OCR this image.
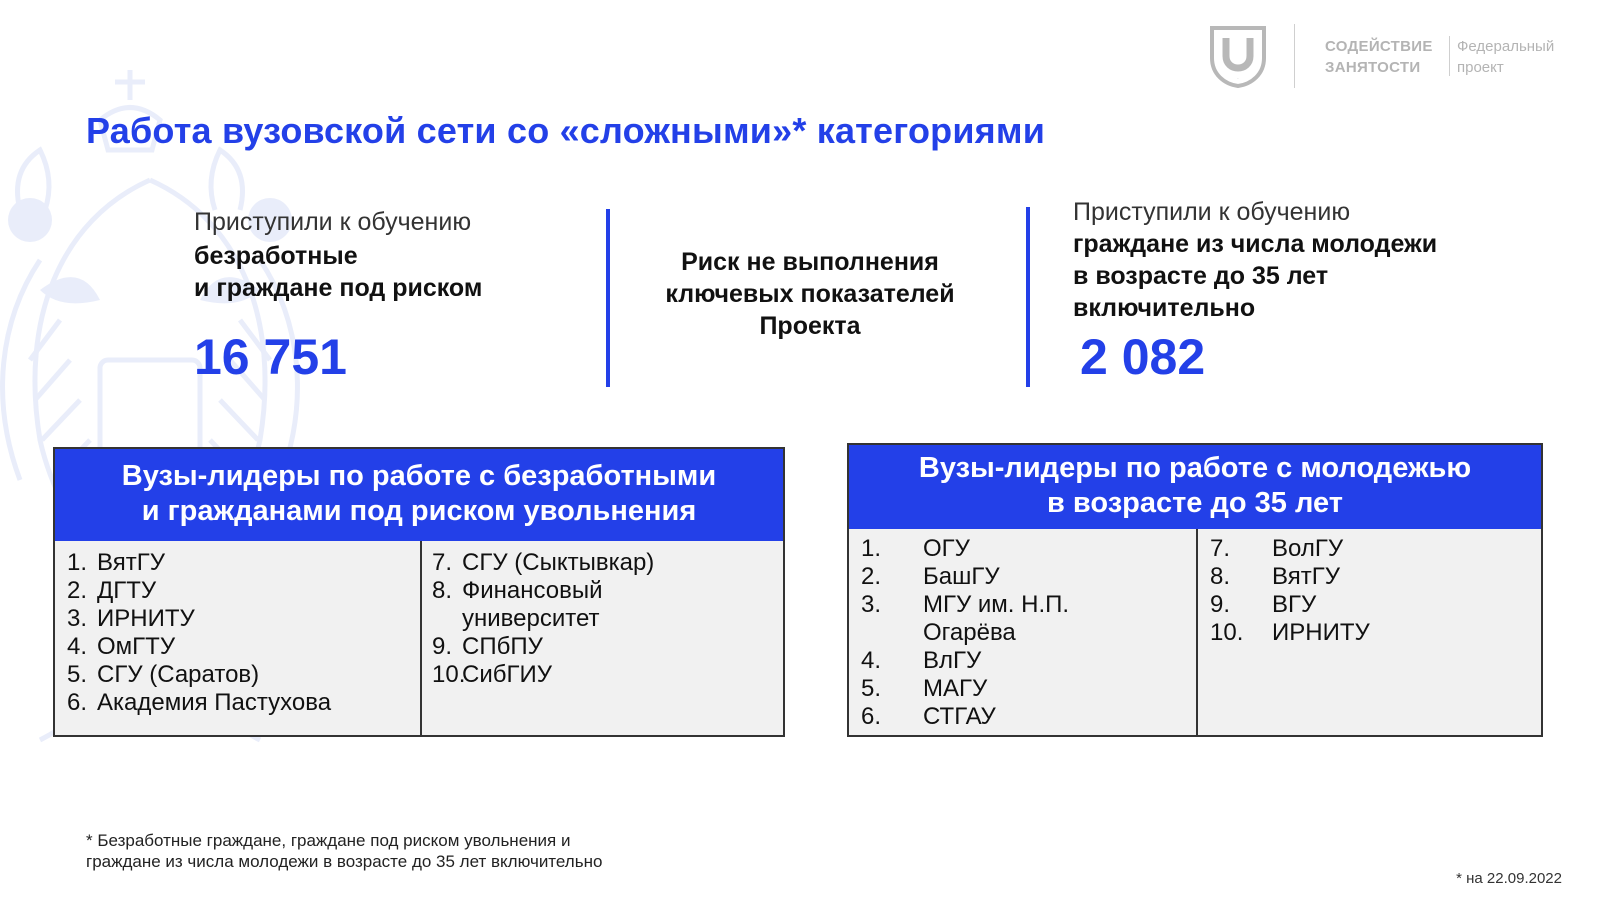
·
СОДЕЙСТВИЕ
ЗАНЯТОСТИ
Федеральный
проект
Работа вузовской сети со «сложными»* категориями
Приступили к обучению
безработные
и граждане под риском
16 751
Риск не выполнения
ключевых показателей
Проекта
Приступили к обучению
граждане из числа молодежи
в возрасте до 35 лет
включительно
2 082
Вузы-лидеры по работе с безработными
и гражданами под риском увольнения
1. ВятГУ
2. ДГТУ
3. ИРНИТУ
4. ОмГТУ
5. СГУ (Саратов)
6. Академия Пастухова
7. СГУ (Сыктывкар)
8. Финансовый
университет
9. СПбПУ
10.
СибГИУ
Вузы-лидеры по работе с молодежью
в возрасте до 35 лет
1.	ОГУ
2.	БашГУ
3.	МГУ им. Н.П.
Огарёва
4.	ВлГУ
5.	МАГУ
6.	СТГАУ
7.	ВолГУ
8.	ВятГУ
9.	ВГУ
10.	ИРНИТУ
* Безработные граждане, граждане под риском увольнения и
граждане из числа молодежи в возрасте до 35 лет включительно
* на 22.09.2022
